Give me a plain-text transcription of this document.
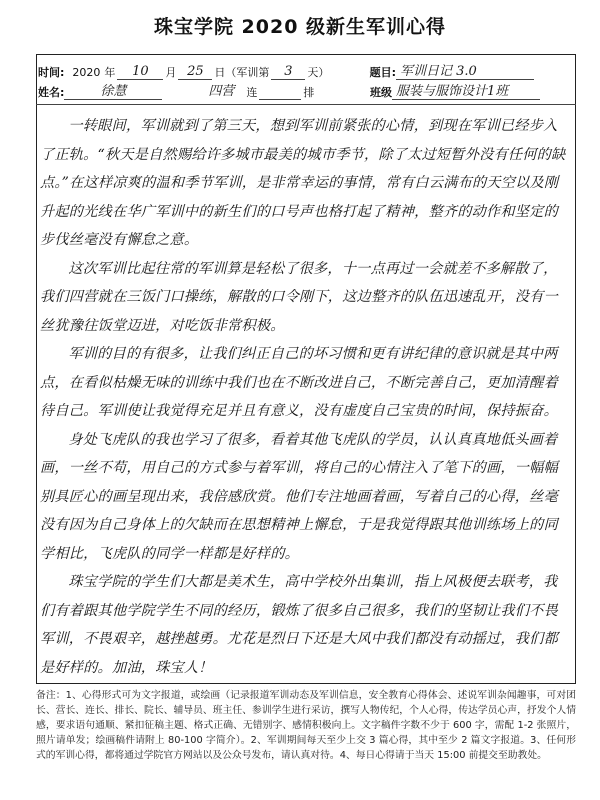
珠宝学院 2020 级新生军训心得
时间: 2020 年	10	月 25 日（军训第	3	天）	题目: 军训日记 3.0
姓名:	徐慧	四营	连	排	班级 服装与服饰设计1班

一转眼间，军训就到了第三天，想到军训前紧张的心情，到现在军训已经步入了正轨。“秋天是自然赐给许多城市最美的城市季节，除了太过短暂外没有任何的缺点。”在这样凉爽的温和季节军训，是非常幸运的事情，常有白云满布的天空以及刚升起的光线在华广军训中的新生们的口号声也格打起了精神，整齐的动作和坚定的步伐丝毫没有懈怠之意。

这次军训比起往常的军训算是轻松了很多，十一点再过一会就差不多解散了，我们四营就在三饭门口操练，解散的口令刚下，这边整齐的队伍迅速乱开，没有一丝犹豫往饭堂迈进，对吃饭非常积极。

军训的目的有很多，让我们纠正自己的坏习惯和更有讲纪律的意识就是其中两点，在看似枯燥无味的训练中我们也在不断改进自己，不断完善自己，更加清醒着待自己。军训使让我觉得充足并且有意义，没有虚度自己宝贵的时间，保持振奋。

身处飞虎队的我也学习了很多，看着其他飞虎队的学员，认认真真地低头画着画，一丝不苟，用自己的方式参与着军训，将自己的心情注入了笔下的画，一幅幅别具匠心的画呈现出来，我倍感欣赏。他们专注地画着画，写着自己的心得，丝毫没有因为自己身体上的欠缺而在思想精神上懈怠，于是我觉得跟其他训练场上的同学相比，飞虎队的同学一样都是好样的。

珠宝学院的学生们大都是美术生，高中学校外出集训，指上风极便去联考，我们有着跟其他学院学生不同的经历，锻炼了很多自己很多，我们的坚韧让我们不畏军训，不畏艰辛，越挫越勇。尤花是烈日下还是大风中我们都没有动摇过，我们都是好样的。加油，珠宝人！

备注：1、心得形式可为文字报道，或绘画（记录报道军训动态及军训信息，安全教育心得体会、述说军训杂闻趣事，可对团长、营长、连长、排长、院长、辅导员、班主任、参训学生进行采访，撰写人物传纪，个人心得，传达学员心声，抒发个人情感，要求语句通顺、紧扣征稿主题、格式正确、无错别字、感情积极向上。文字稿件字数不少于 600 字，需配 1-2 张照片，照片请单发；绘画稿件请附上 80-100 字简介）。2、军训期间每天至少上交 3 篇心得，其中至少 2 篇文字报道。3、任何形式的军训心得，都将通过学院官方网站以及公众号发布，请认真对待。4、每日心得请于当天 15:00 前提交至助教处。
